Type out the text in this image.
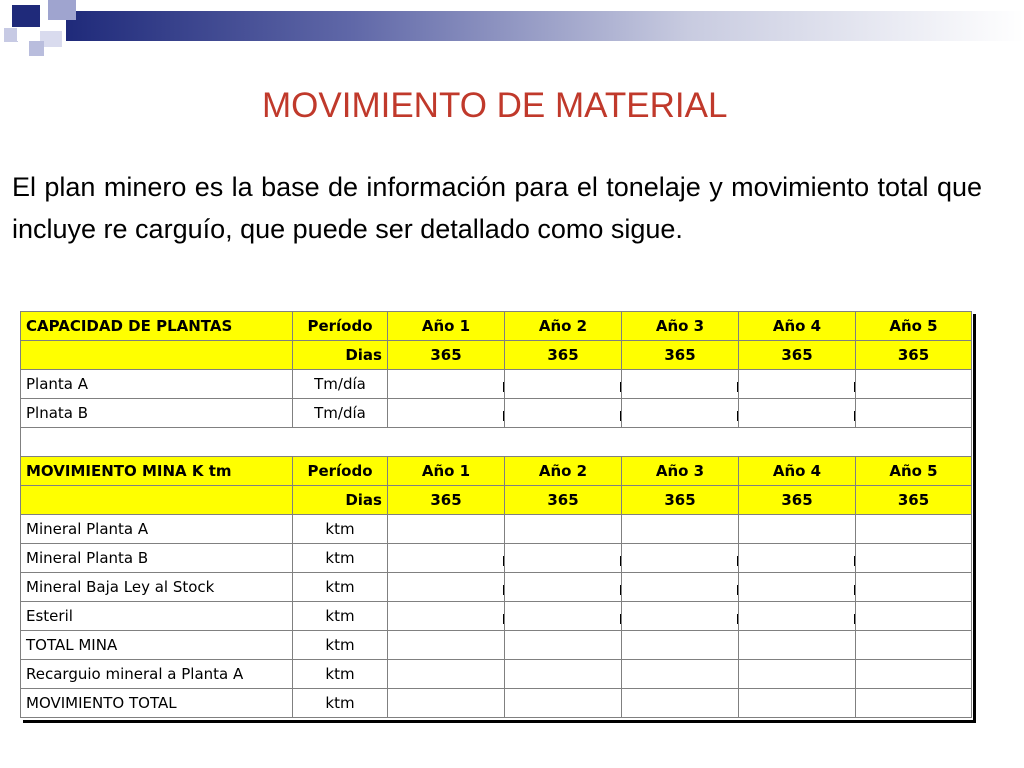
MOVIMIENTO DE MATERIAL
El plan minero es la base de información para el tonelaje y movimiento total que incluye re carguío, que puede ser detallado como sigue.
CAPACIDAD DE PLANTAS	Período	Año 1	Año 2	Año 3	Año 4	Año 5
	Dias	365	365	365	365	365
Planta A	Tm/día					
Plnata B	Tm/día					

MOVIMIENTO MINA K tm	Período	Año 1	Año 2	Año 3	Año 4	Año 5
	Dias	365	365	365	365	365
Mineral Planta A	ktm					
Mineral Planta B	ktm					
Mineral Baja Ley al Stock	ktm					
Esteril	ktm					
TOTAL MINA	ktm					
Recarguio mineral a Planta A	ktm					
MOVIMIENTO TOTAL	ktm					
